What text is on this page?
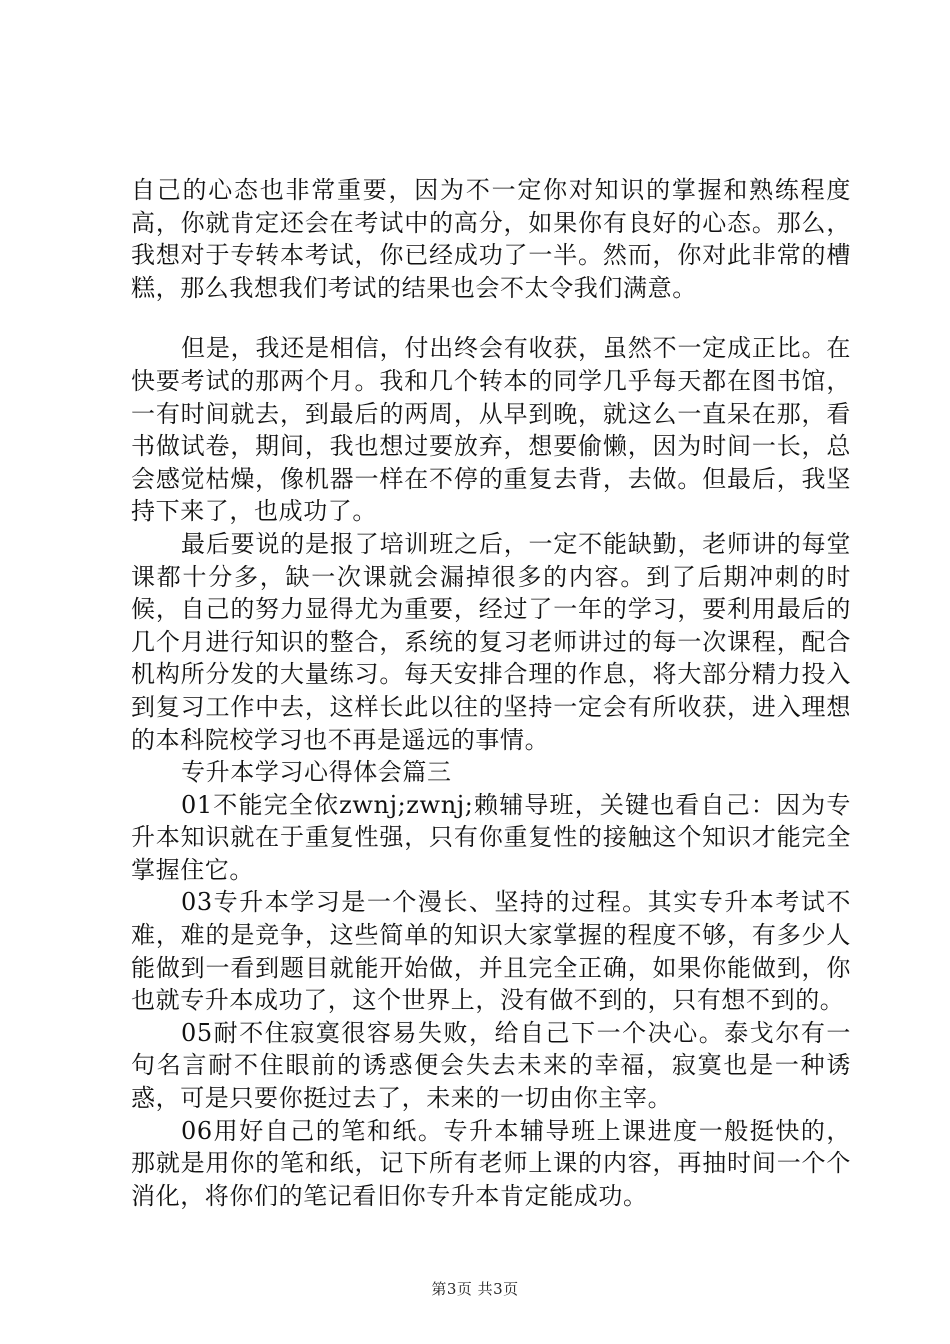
自己的心态也非常重要，因为不一定你对知识的掌握和熟练程度高，你就肯定还会在考试中的高分，如果你有良好的心态。那么，我想对于专转本考试，你已经成功了一半。然而，你对此非常的槽糕，那么我想我们考试的结果也会不太令我们满意。

但是，我还是相信，付出终会有收获，虽然不一定成正比。在快要考试的那两个月。我和几个转本的同学几乎每天都在图书馆，一有时间就去，到最后的两周，从早到晚，就这么一直呆在那，看书做试卷，期间，我也想过要放弃，想要偷懒，因为时间一长，总会感觉枯燥，像机器一样在不停的重复去背，去做。但最后，我坚持下来了，也成功了。

最后要说的是报了培训班之后，一定不能缺勤，老师讲的每堂课都十分多，缺一次课就会漏掉很多的内容。到了后期冲刺的时候，自己的努力显得尤为重要，经过了一年的学习，要利用最后的几个月进行知识的整合，系统的复习老师讲过的每一次课程，配合机构所分发的大量练习。每天安排合理的作息，将大部分精力投入到复习工作中去，这样长此以往的坚持一定会有所收获，进入理想的本科院校学习也不再是遥远的事情。

专升本学习心得体会篇三

01不能完全依zwnj;zwnj;赖辅导班，关键也看自己：因为专升本知识就在于重复性强，只有你重复性的接触这个知识才能完全掌握住它。

03专升本学习是一个漫长、坚持的过程。其实专升本考试不难，难的是竞争，这些简单的知识大家掌握的程度不够，有多少人能做到一看到题目就能开始做，并且完全正确，如果你能做到，你也就专升本成功了，这个世界上，没有做不到的，只有想不到的。

05耐不住寂寞很容易失败，给自己下一个决心。泰戈尔有一句名言耐不住眼前的诱惑便会失去未来的幸福，寂寞也是一种诱惑，可是只要你挺过去了，未来的一切由你主宰。

06用好自己的笔和纸。专升本辅导班上课进度一般挺快的，那就是用你的笔和纸，记下所有老师上课的内容，再抽时间一个个消化，将你们的笔记看旧你专升本肯定能成功。

第3页 共3页
